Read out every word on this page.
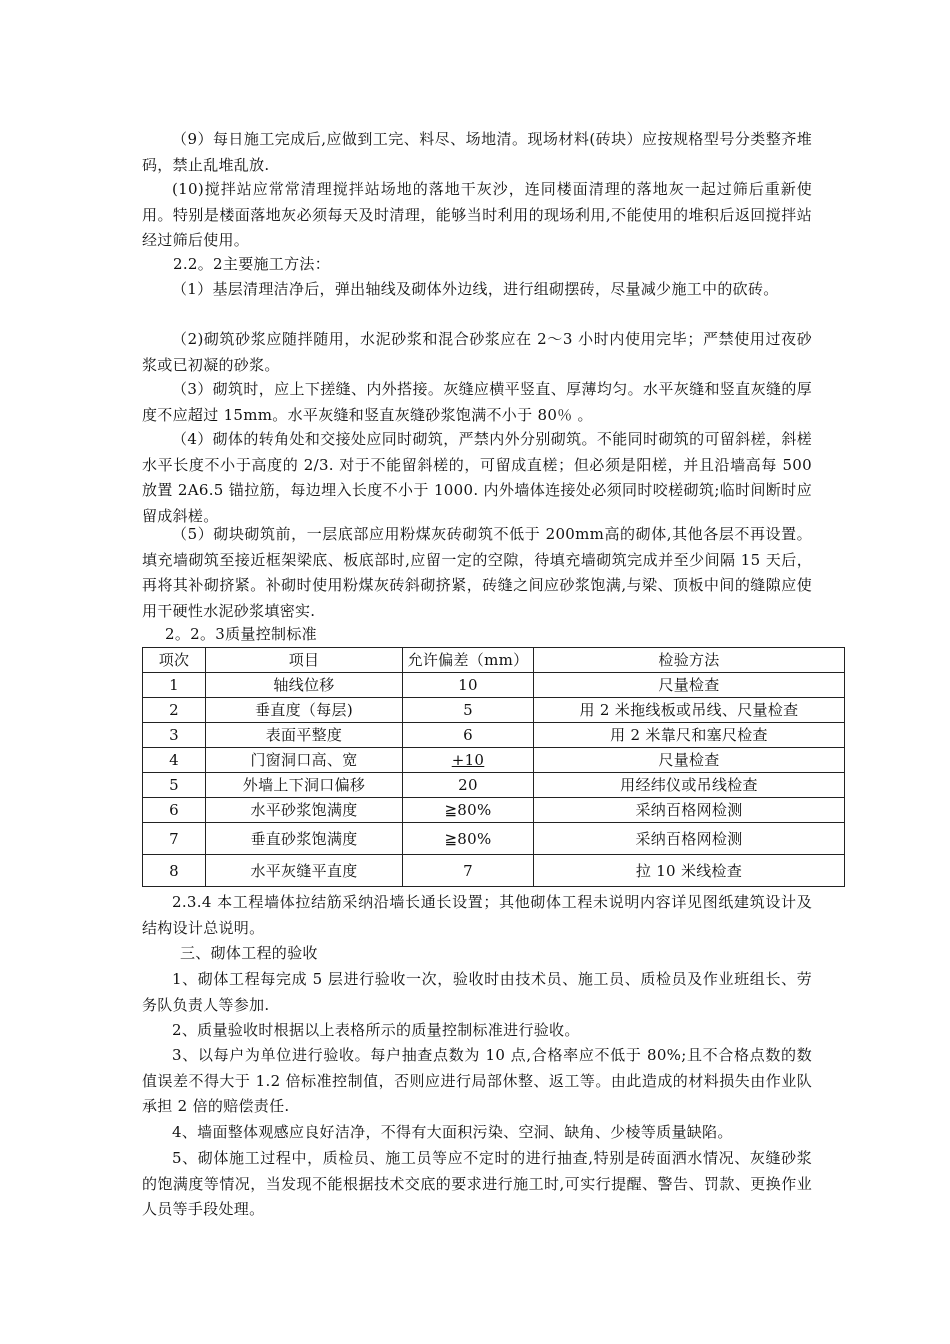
（9）每日施工完成后,应做到工完、料尽、场地清。现场材料(砖块）应按规格型号分类整齐堆码，禁止乱堆乱放.

(10)搅拌站应常常清理搅拌站场地的落地干灰沙，连同楼面清理的落地灰一起过筛后重新使用。特别是楼面落地灰必须每天及时清理，能够当时利用的现场利用,不能使用的堆积后返回搅拌站经过筛后使用。

2.2。2主要施工方法：

（1）基层清理洁净后，弹出轴线及砌体外边线，进行组砌摆砖，尽量减少施工中的砍砖。

（2)砌筑砂浆应随拌随用，水泥砂浆和混合砂浆应在 2～3 小时内使用完毕；严禁使用过夜砂浆或已初凝的砂浆。

（3）砌筑时，应上下搓缝、内外搭接。灰缝应横平竖直、厚薄均匀。水平灰缝和竖直灰缝的厚度不应超过 15mm。水平灰缝和竖直灰缝砂浆饱满不小于 80％ 。

（4）砌体的转角处和交接处应同时砌筑，严禁内外分别砌筑。不能同时砌筑的可留斜槎，斜槎水平长度不小于高度的 2/3. 对于不能留斜槎的，可留成直槎；但必须是阳槎，并且沿墙高每 500 放置 2A6.5 锚拉筋，每边埋入长度不小于 1000. 内外墙体连接处必须同时咬槎砌筑;临时间断时应留成斜槎。

（5）砌块砌筑前，一层底部应用粉煤灰砖砌筑不低于 200mm高的砌体,其他各层不再设置。填充墙砌筑至接近框架梁底、板底部时,应留一定的空隙，待填充墙砌筑完成并至少间隔 15 天后，再将其补砌挤紧。补砌时使用粉煤灰砖斜砌挤紧，砖缝之间应砂浆饱满,与梁、顶板中间的缝隙应使用干硬性水泥砂浆填密实.

2。2。3质量控制标准

项次	项目	允许偏差（mm）	检验方法
1	轴线位移	10	尺量检查
2	垂直度（每层)	5	用 2 米拖线板或吊线、尺量检查
3	表面平整度	6	用 2 米靠尺和塞尺检查
4	门窗洞口高、宽	+10	尺量检查
5	外墙上下洞口偏移	20	用经纬仪或吊线检查
6	水平砂浆饱满度	≧80%	采纳百格网检测
7	垂直砂浆饱满度	≧80%	采纳百格网检测
8	水平灰缝平直度	7	拉 10 米线检查

2.3.4 本工程墙体拉结筋采纳沿墙长通长设置；其他砌体工程未说明内容详见图纸建筑设计及结构设计总说明。

三、砌体工程的验收

1、砌体工程每完成 5 层进行验收一次，验收时由技术员、施工员、质检员及作业班组长、劳务队负责人等参加.

2、质量验收时根据以上表格所示的质量控制标准进行验收。

3、以每户为单位进行验收。每户抽查点数为 10 点,合格率应不低于 80%;且不合格点数的数值误差不得大于 1.2 倍标准控制值，否则应进行局部休整、返工等。由此造成的材料损失由作业队承担 2 倍的赔偿责任.

4、墙面整体观感应良好洁净，不得有大面积污染、空洞、缺角、少棱等质量缺陷。

5、砌体施工过程中，质检员、施工员等应不定时的进行抽查,特别是砖面洒水情况、灰缝砂浆的饱满度等情况，当发现不能根据技术交底的要求进行施工时,可实行提醒、警告、罚款、更换作业人员等手段处理。
